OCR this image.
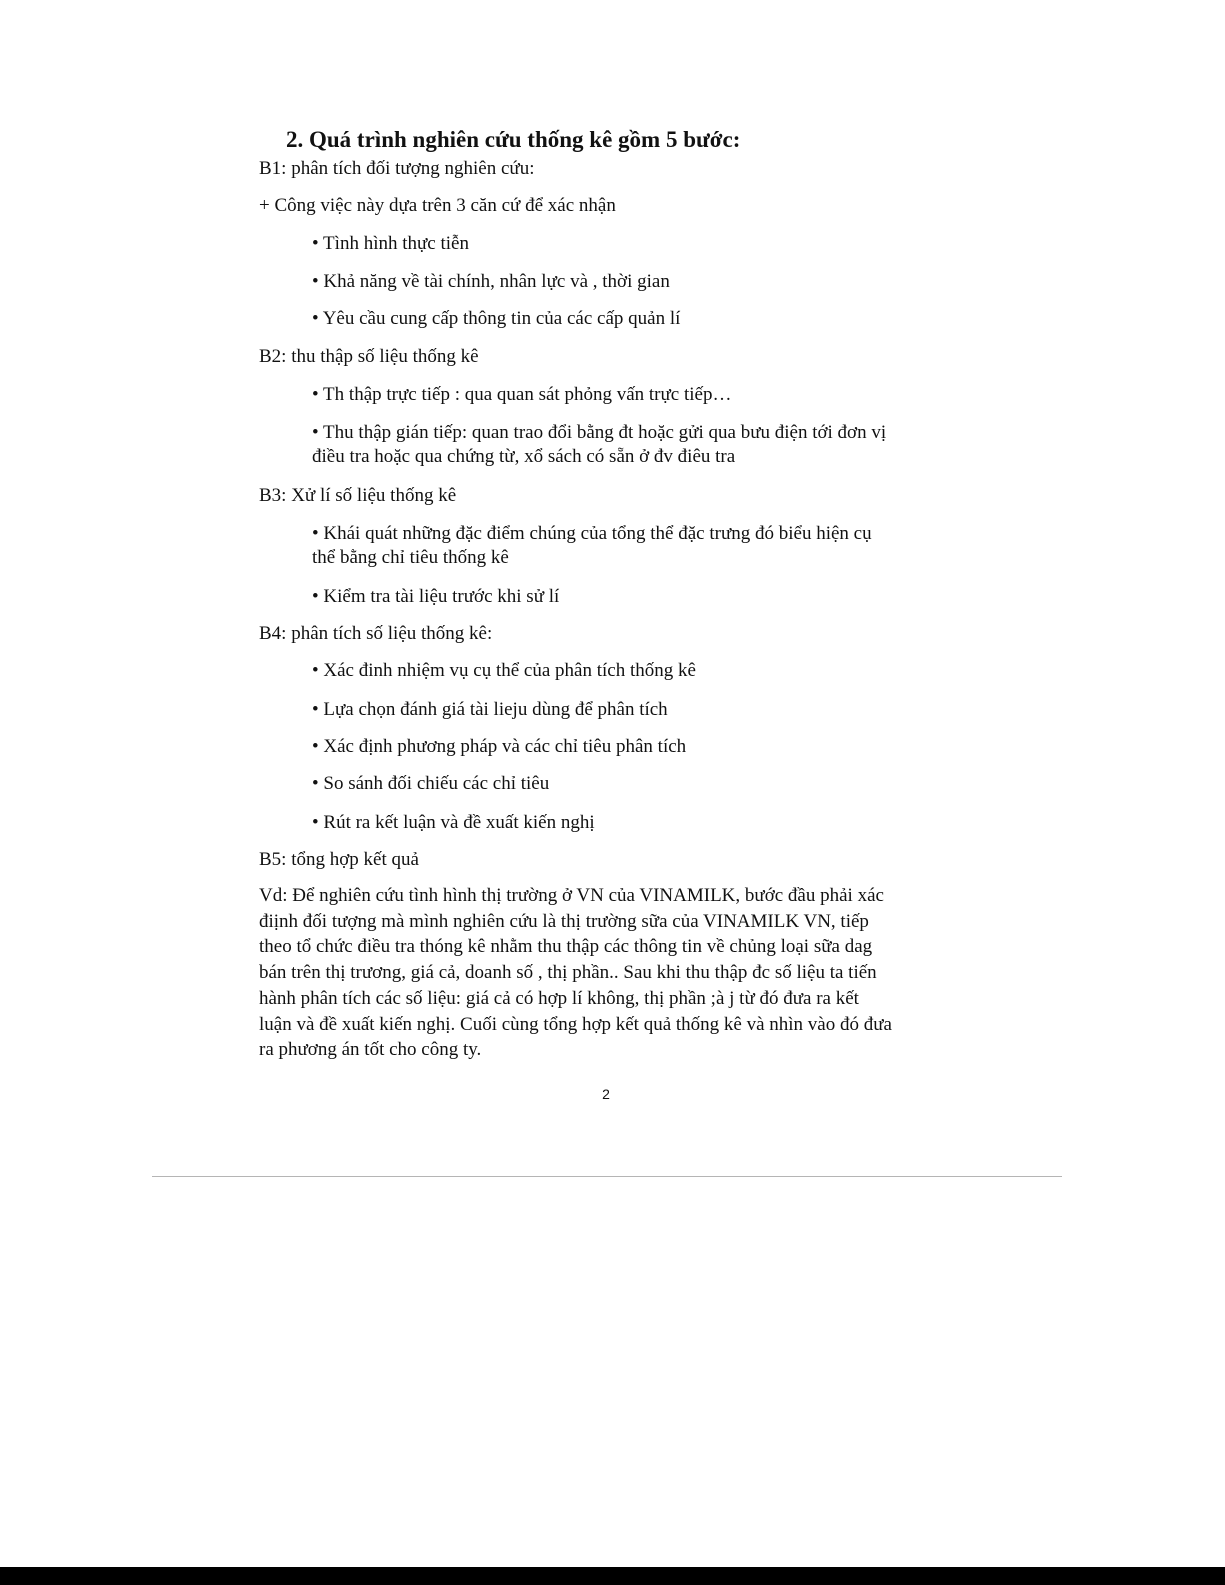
2. Quá trình nghiên cứu thống kê gồm 5 bước:
B1: phân tích đối tượng nghiên cứu:
+ Công việc này dựa trên 3 căn cứ để xác nhận
• Tình hình thực tiễn
• Khả năng về tài chính, nhân lực và , thời gian
• Yêu cầu cung cấp thông tin của các cấp quản lí
B2: thu thập số liệu thống kê
• Th thập trực tiếp : qua quan sát phỏng vấn trực tiếp…
• Thu thập gián tiếp: quan trao đổi bằng đt hoặc gửi qua bưu điện tới đơn vị
điều tra hoặc qua chứng từ, xổ sách có sẵn ở đv điêu tra
B3: Xử lí số liệu thống kê
• Khái quát những đặc điểm chúng của tổng thể đặc trưng đó biểu hiện cụ
thể bằng chỉ tiêu thống kê
• Kiểm tra tài liệu trước khi sử lí
B4: phân tích số liệu thống kê:
• Xác đinh nhiệm vụ cụ thể của phân tích thống kê
• Lựa chọn đánh giá tài lieju dùng để phân tích
• Xác định phương pháp và các chỉ tiêu phân tích
• So sánh đối chiếu các chỉ tiêu
• Rút ra kết luận và đề xuất kiến nghị
B5: tổng hợp kết quả
Vd: Để nghiên cứu tình hình thị trường ở VN của VINAMILK, bước đầu phải xác
điịnh đối tượng mà mình nghiên cứu là thị trường sữa của VINAMILK VN, tiếp
theo tổ chức điều tra thóng kê nhằm thu thập các thông tin về chủng loại sữa dag
bán trên thị trương, giá cả, doanh số , thị phần.. Sau khi thu thập đc số liệu ta tiến
hành phân tích các số liệu: giá cả có hợp lí không, thị phần ;à j từ đó đưa ra kết
luận và đề xuất kiến nghị. Cuối cùng tổng hợp kết quả thống kê và nhìn vào đó đưa
ra phương án tốt cho công ty.
2
